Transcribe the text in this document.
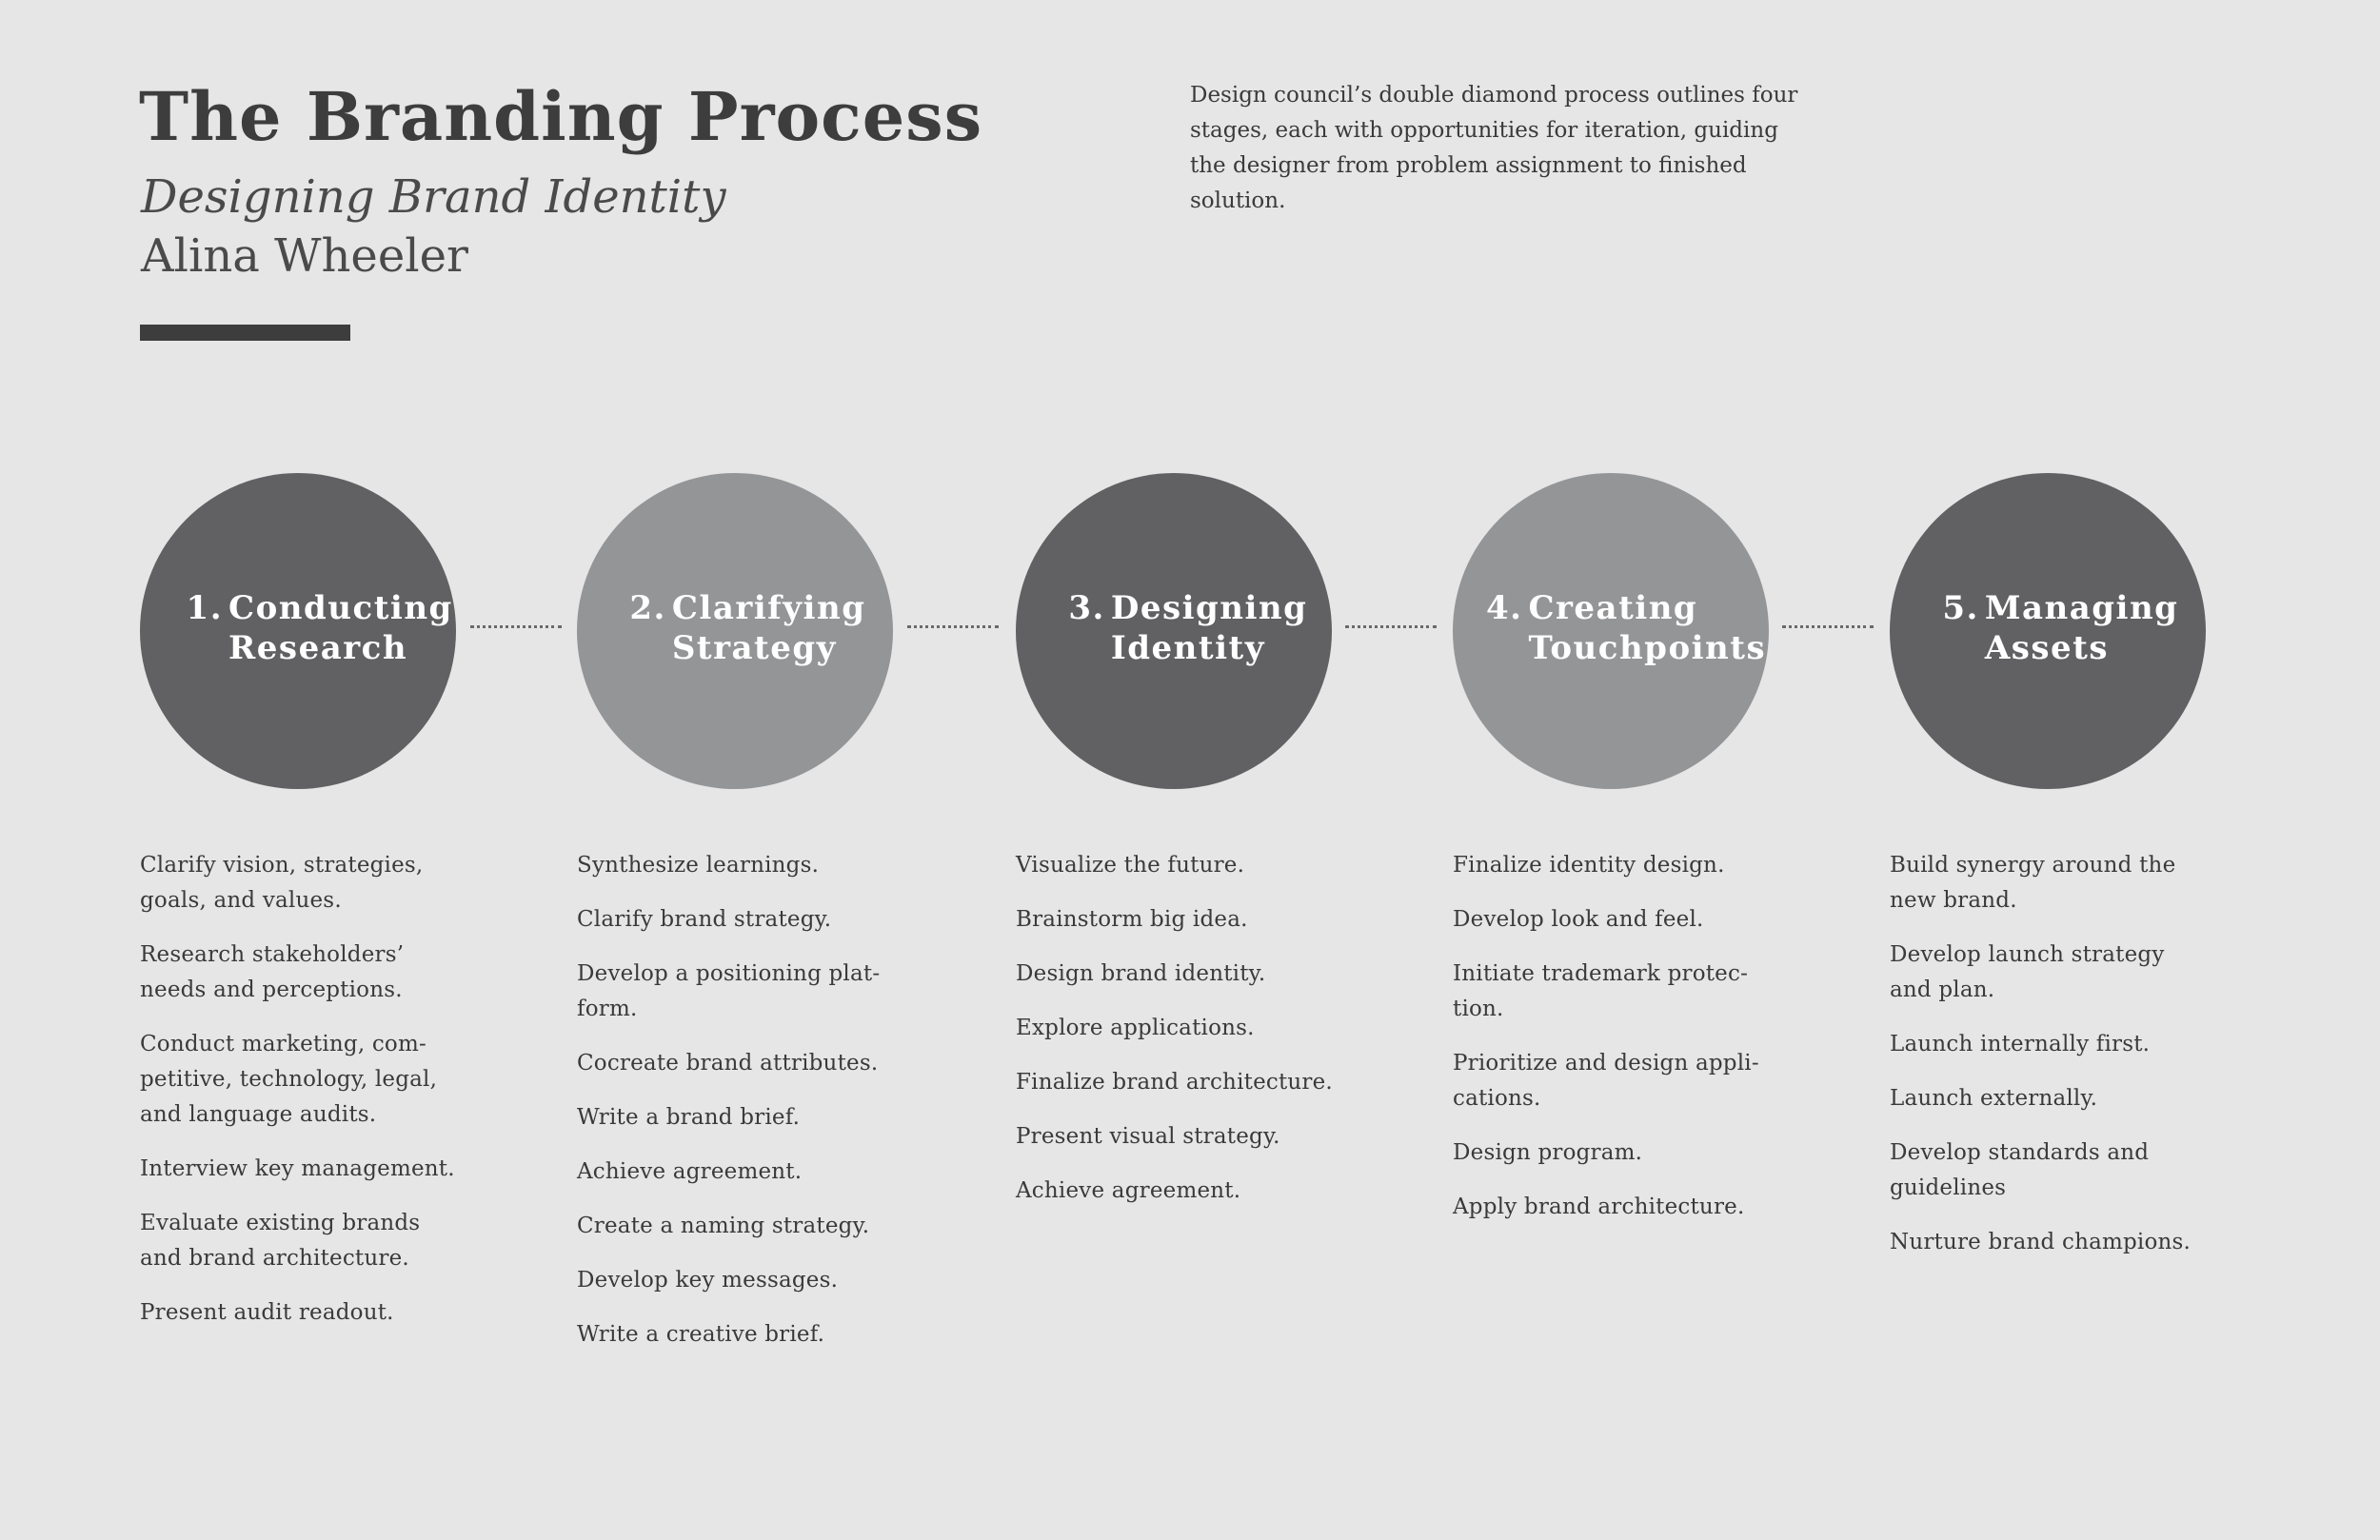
The Branding Process
Designing Brand Identity
Alina Wheeler

Design council’s double diamond process outlines four stages, each with opportunities for iteration, guiding the designer from problem assignment to finished solution.

1. Conducting Research
2. Clarifying Strategy
3. Designing Identity
4. Creating Touchpoints
5. Managing Assets
Clarify vision, strategies, goals, and values.
Research stakeholders’ needs and perceptions.
Conduct marketing, competitive, technology, legal, and language audits.
Interview key management.
Evaluate existing brands and brand architecture.
Present audit readout.
Synthesize learnings.
Clarify brand strategy.
Develop a positioning platform.
Cocreate brand attributes.
Write a brand brief.
Achieve agreement.
Create a naming strategy.
Develop key messages.
Write a creative brief.
Visualize the future.
Brainstorm big idea.
Design brand identity.
Explore applications.
Finalize brand architecture.
Present visual strategy.
Achieve agreement.
Finalize identity design.
Develop look and feel.
Initiate trademark protection.
Prioritize and design applications.
Design program.
Apply brand architecture.
Build synergy around the new brand.
Develop launch strategy and plan.
Launch internally first.
Launch externally.
Develop standards and guidelines
Nurture brand champions.
